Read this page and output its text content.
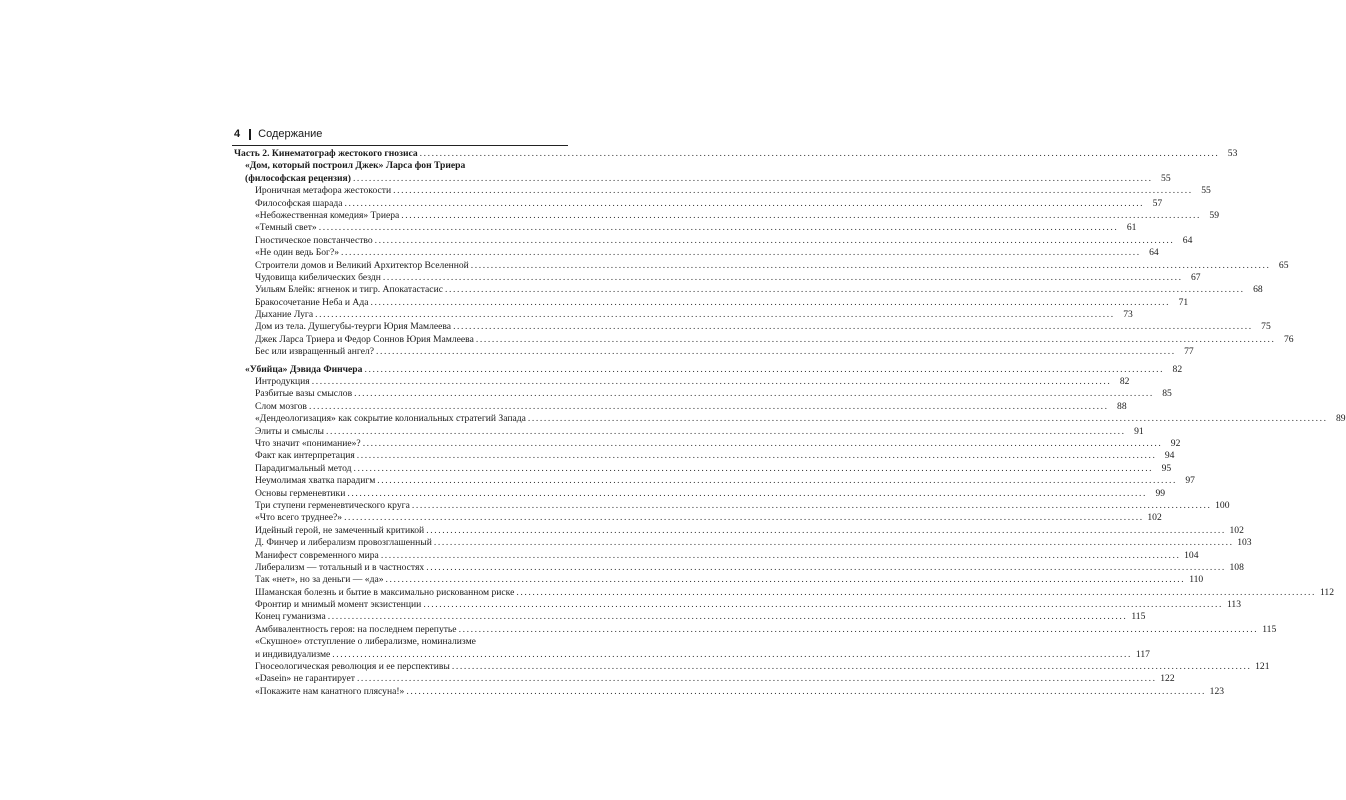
4 Содержание
Часть 2. Кинематограф жестокого гнозиса ........................................................................................................................................................................................................ 53
«Дом, который построил Джек» Ларса фон Триера
(философская рецензия) ........................................................................................................................................................................................................ 55
Ироничная метафора жестокости ........................................................................................................................................................................................................ 55
Философская шарада ........................................................................................................................................................................................................ 57
«Небожественная комедия» Триера ........................................................................................................................................................................................................ 59
«Темный свет» ........................................................................................................................................................................................................ 61
Гностическое повстанчество ........................................................................................................................................................................................................ 64
«Не один ведь Бог?» ........................................................................................................................................................................................................ 64
Строители домов и Великий Архитектор Вселенной ........................................................................................................................................................................................................ 65
Чудовища кибелических бездн ........................................................................................................................................................................................................ 67
Уильям Блейк: ягненок и тигр. Апокатастасис ........................................................................................................................................................................................................ 68
Бракосочетание Неба и Ада ........................................................................................................................................................................................................ 71
Дыхание Луга ........................................................................................................................................................................................................ 73
Дом из тела. Душегубы-теурги Юрия Мамлеева ........................................................................................................................................................................................................ 75
Джек Ларса Триера и Федор Соннов Юрия Мамлеева ........................................................................................................................................................................................................ 76
Бес или извращенный ангел? ........................................................................................................................................................................................................ 77
«Убийца» Дэвида Финчера ........................................................................................................................................................................................................ 82
Интродукция ........................................................................................................................................................................................................ 82
Разбитые вазы смыслов ........................................................................................................................................................................................................ 85
Слом мозгов ........................................................................................................................................................................................................ 88
«Дендеологизация» как сокрытие колониальных стратегий Запада ........................................................................................................................................................................................................ 89
Элиты и смыслы ........................................................................................................................................................................................................ 91
Что значит «понимание»? ........................................................................................................................................................................................................ 92
Факт как интерпретация ........................................................................................................................................................................................................ 94
Парадигмальный метод ........................................................................................................................................................................................................ 95
Неумолимая хватка парадигм ........................................................................................................................................................................................................ 97
Основы герменевтики ........................................................................................................................................................................................................ 99
Три ступени герменевтического круга ........................................................................................................................................................................................................ 100
«Что всего труднее?» ........................................................................................................................................................................................................ 102
Идейный герой, не замеченный критикой ........................................................................................................................................................................................................ 102
Д. Финчер и либерализм провозглашенный ........................................................................................................................................................................................................ 103
Манифест современного мира ........................................................................................................................................................................................................ 104
Либерализм — тотальный и в частностях ........................................................................................................................................................................................................ 108
Так «нет», но за деньги — «да» ........................................................................................................................................................................................................ 110
Шаманская болезнь и бытие в максимально рискованном риске ........................................................................................................................................................................................................ 112
Фронтир и мнимый момент экзистенции ........................................................................................................................................................................................................ 113
Конец гуманизма ........................................................................................................................................................................................................ 115
Амбивалентность героя: на последнем перепутье ........................................................................................................................................................................................................ 115
«Скушное» отступление о либерализме, номинализме
и индивидуализме ........................................................................................................................................................................................................ 117
Гносеологическая революция и ее перспективы ........................................................................................................................................................................................................ 121
«Dasein» не гарантирует ........................................................................................................................................................................................................ 122
«Покажите нам канатного плясуна!» ........................................................................................................................................................................................................ 123
